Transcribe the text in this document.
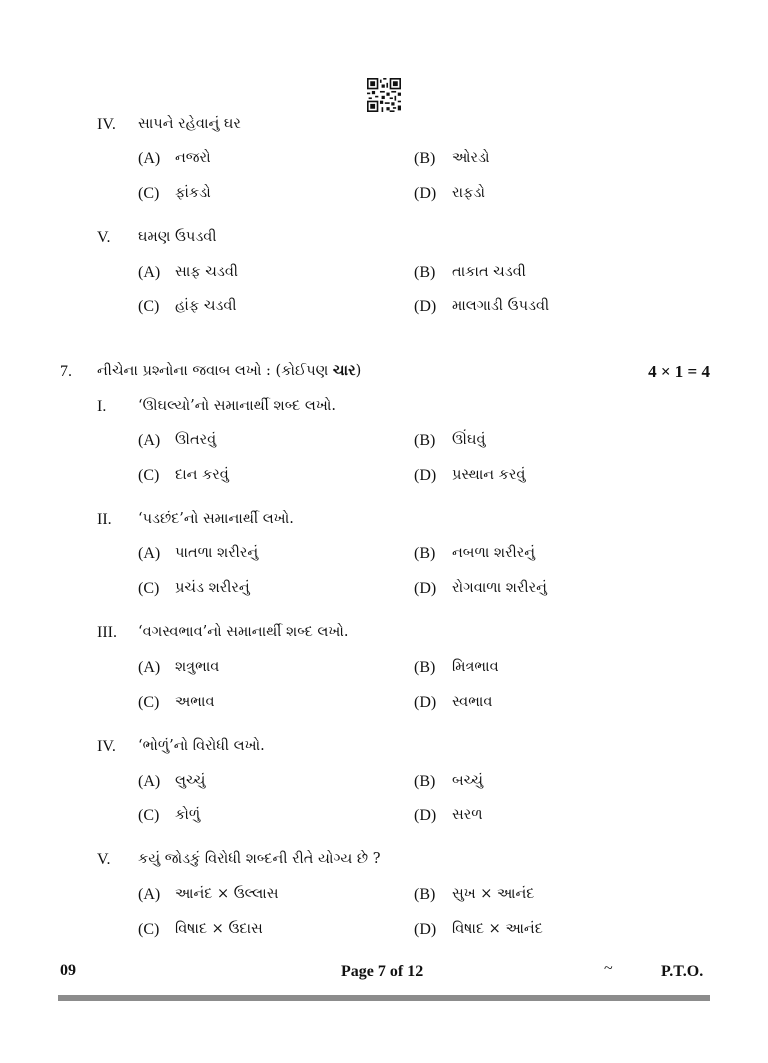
IV. સાપને રહેવાનું ઘર
(A) નજરો	(B) ઓરડો
(C) ફાંકડો	(D) રાફડો
V. ઘમણ ઉપડવી
(A) સાફ ચડવી	(B) તાકાત ચડવી
(C) હાંફ ચડવી	(D) માલગાડી ઉપડવી
7. નીચેના પ્રશ્નોના જવાબ લખો : (કોઈપણ ચાર)	4 × 1 = 4
I. ‘ઊઘલ્યો’નો સમાનાર્થી શબ્દ લખો.
(A) ઊતરવું	(B) ઊંઘવું
(C) દાન કરવું	(D) પ્રસ્થાન કરવું
II. ‘પડછંદ’નો સમાનાર્થી લખો.
(A) પાતળા શરીરનું	(B) નબળા શરીરનું
(C) પ્રચંડ શરીરનું	(D) રોગવાળા શરીરનું
III. ‘વગસ્વભાવ’નો સમાનાર્થી શબ્દ લખો.
(A) શત્રુભાવ	(B) મિત્રભાવ
(C) અભાવ	(D) સ્વભાવ
IV. ‘ભોળું’નો વિરોધી લખો.
(A) લુચ્ચું	(B) બચ્ચું
(C) કોળું	(D) સરળ
V. કયું જોડકું વિરોધી શબ્દની રીતે યોગ્ય છે ?
(A) આનંદ × ઉલ્લાસ	(B) સુખ × આનંદ
(C) વિષાદ × ઉદાસ	(D) વિષાદ × આનંદ
09	Page 7 of 12	~	P.T.O.
